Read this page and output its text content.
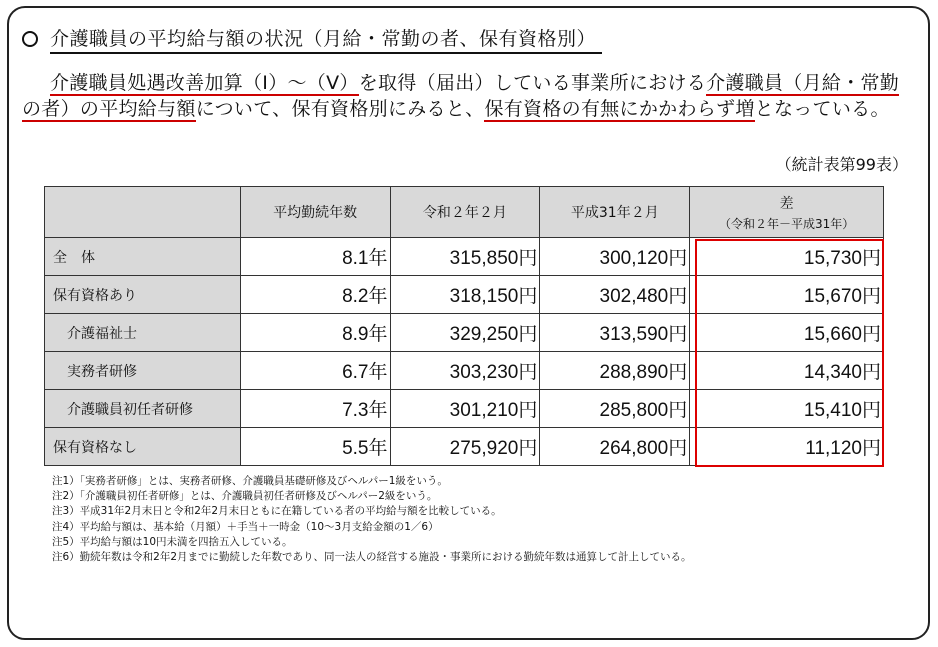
介護職員の平均給与額の状況（月給・常勤の者、保有資格別）
介護職員処遇改善加算（Ⅰ）～（Ⅴ）を取得（届出）している事業所における介護職員（月給・常勤の者）の平均給与額について、保有資格別にみると、保有資格の有無にかかわらず増となっている。
（統計表第99表）
	平均勤続年数	令和２年２月	平成31年２月	差
（令和２年－平成31年）

全　体	8.1年	315,850円	300,120円	15,730円
保有資格あり	8.2年	318,150円	302,480円	15,670円
介護福祉士	8.9年	329,250円	313,590円	15,660円
実務者研修	6.7年	303,230円	288,890円	14,340円
介護職員初任者研修	7.3年	301,210円	285,800円	15,410円
保有資格なし	5.5年	275,920円	264,800円	11,120円
注1）「実務者研修」とは、実務者研修、介護職員基礎研修及びヘルパー1級をいう。
注2）「介護職員初任者研修」とは、介護職員初任者研修及びヘルパー2級をいう。
注3）平成31年2月末日と令和2年2月末日ともに在籍している者の平均給与額を比較している。
注4）平均給与額は、基本給（月額）＋手当＋一時金（10～3月支給金額の1／6）
注5）平均給与額は10円未満を四捨五入している。
注6）勤続年数は令和2年2月までに勤続した年数であり、同一法人の経営する施設・事業所における勤続年数は通算して計上している。
